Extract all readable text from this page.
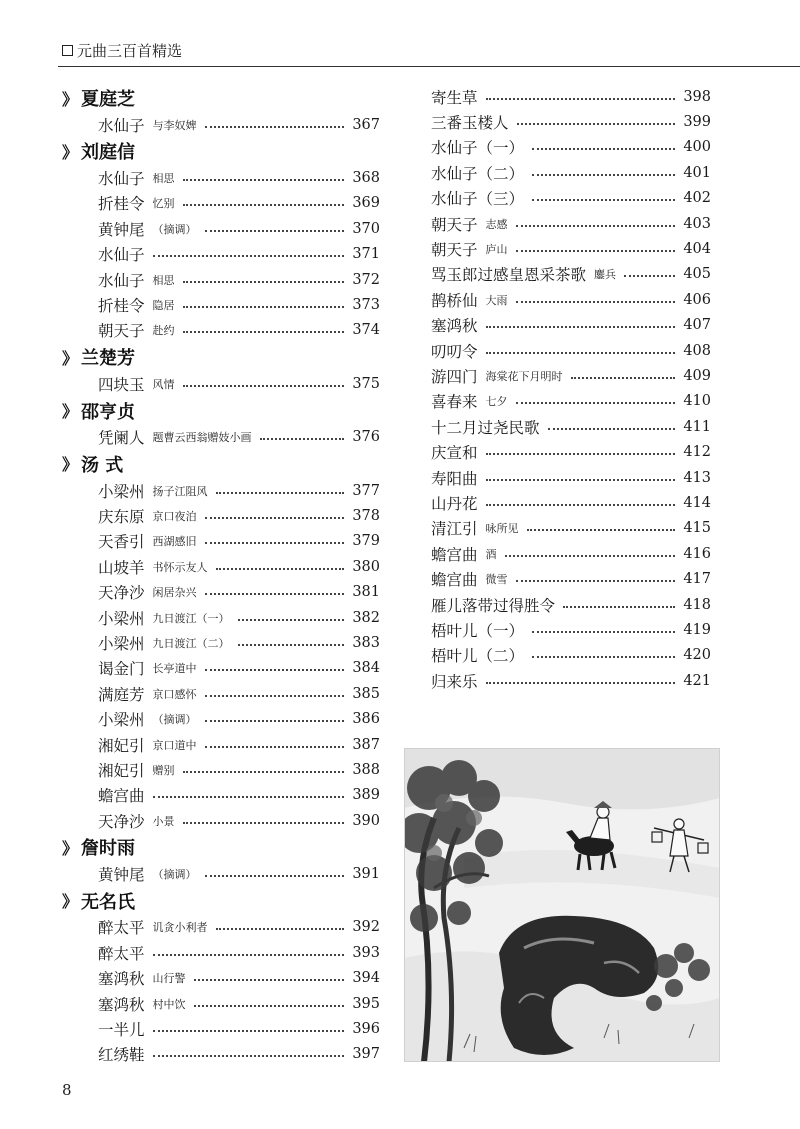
元曲三百首精选
》 夏庭芝
水仙子 与李奴婢	367
》 刘庭信
水仙子 相思	368
折桂令 忆别	369
黄钟尾 （摘调）	370
水仙子	371
水仙子 相思	372
折桂令 隐居	373
朝天子 赴约	374
》 兰楚芳
四块玉 风情	375
》 邵亨贞
凭阑人 题曹云西翁赠妓小画	376
》 汤 式
小梁州 扬子江阻风	377
庆东原 京口夜泊	378
天香引 西湖感旧	379
山坡羊 书怀示友人	380
天净沙 闲居杂兴	381
小梁州 九日渡江（一）	382
小梁州 九日渡江（二）	383
谒金门 长亭道中	384
满庭芳 京口感怀	385
小梁州 （摘调）	386
湘妃引 京口道中	387
湘妃引 赠别	388
蟾宫曲	389
天净沙 小景	390
》 詹时雨
黄钟尾 （摘调）	391
》 无名氏
醉太平 讥贪小利者	392
醉太平	393
塞鸿秋 山行警	394
塞鸿秋 村中饮	395
一半儿	396
红绣鞋	397
寄生草	398
三番玉楼人	399
水仙子（一）	400
水仙子（二）	401
水仙子（三）	402
朝天子 志感	403
朝天子 庐山	404
骂玉郎过感皇恩采茶歌 鏖兵	405
鹊桥仙 大雨	406
塞鸿秋	407
叨叨令	408
游四门 海棠花下月明时	409
喜春来 七夕	410
十二月过尧民歌	411
庆宣和	412
寿阳曲	413
山丹花	414
清江引 咏所见	415
蟾宫曲 酒	416
蟾宫曲 微雪	417
雁儿落带过得胜令	418
梧叶儿（一）	419
梧叶儿（二）	420
归来乐	421
8
